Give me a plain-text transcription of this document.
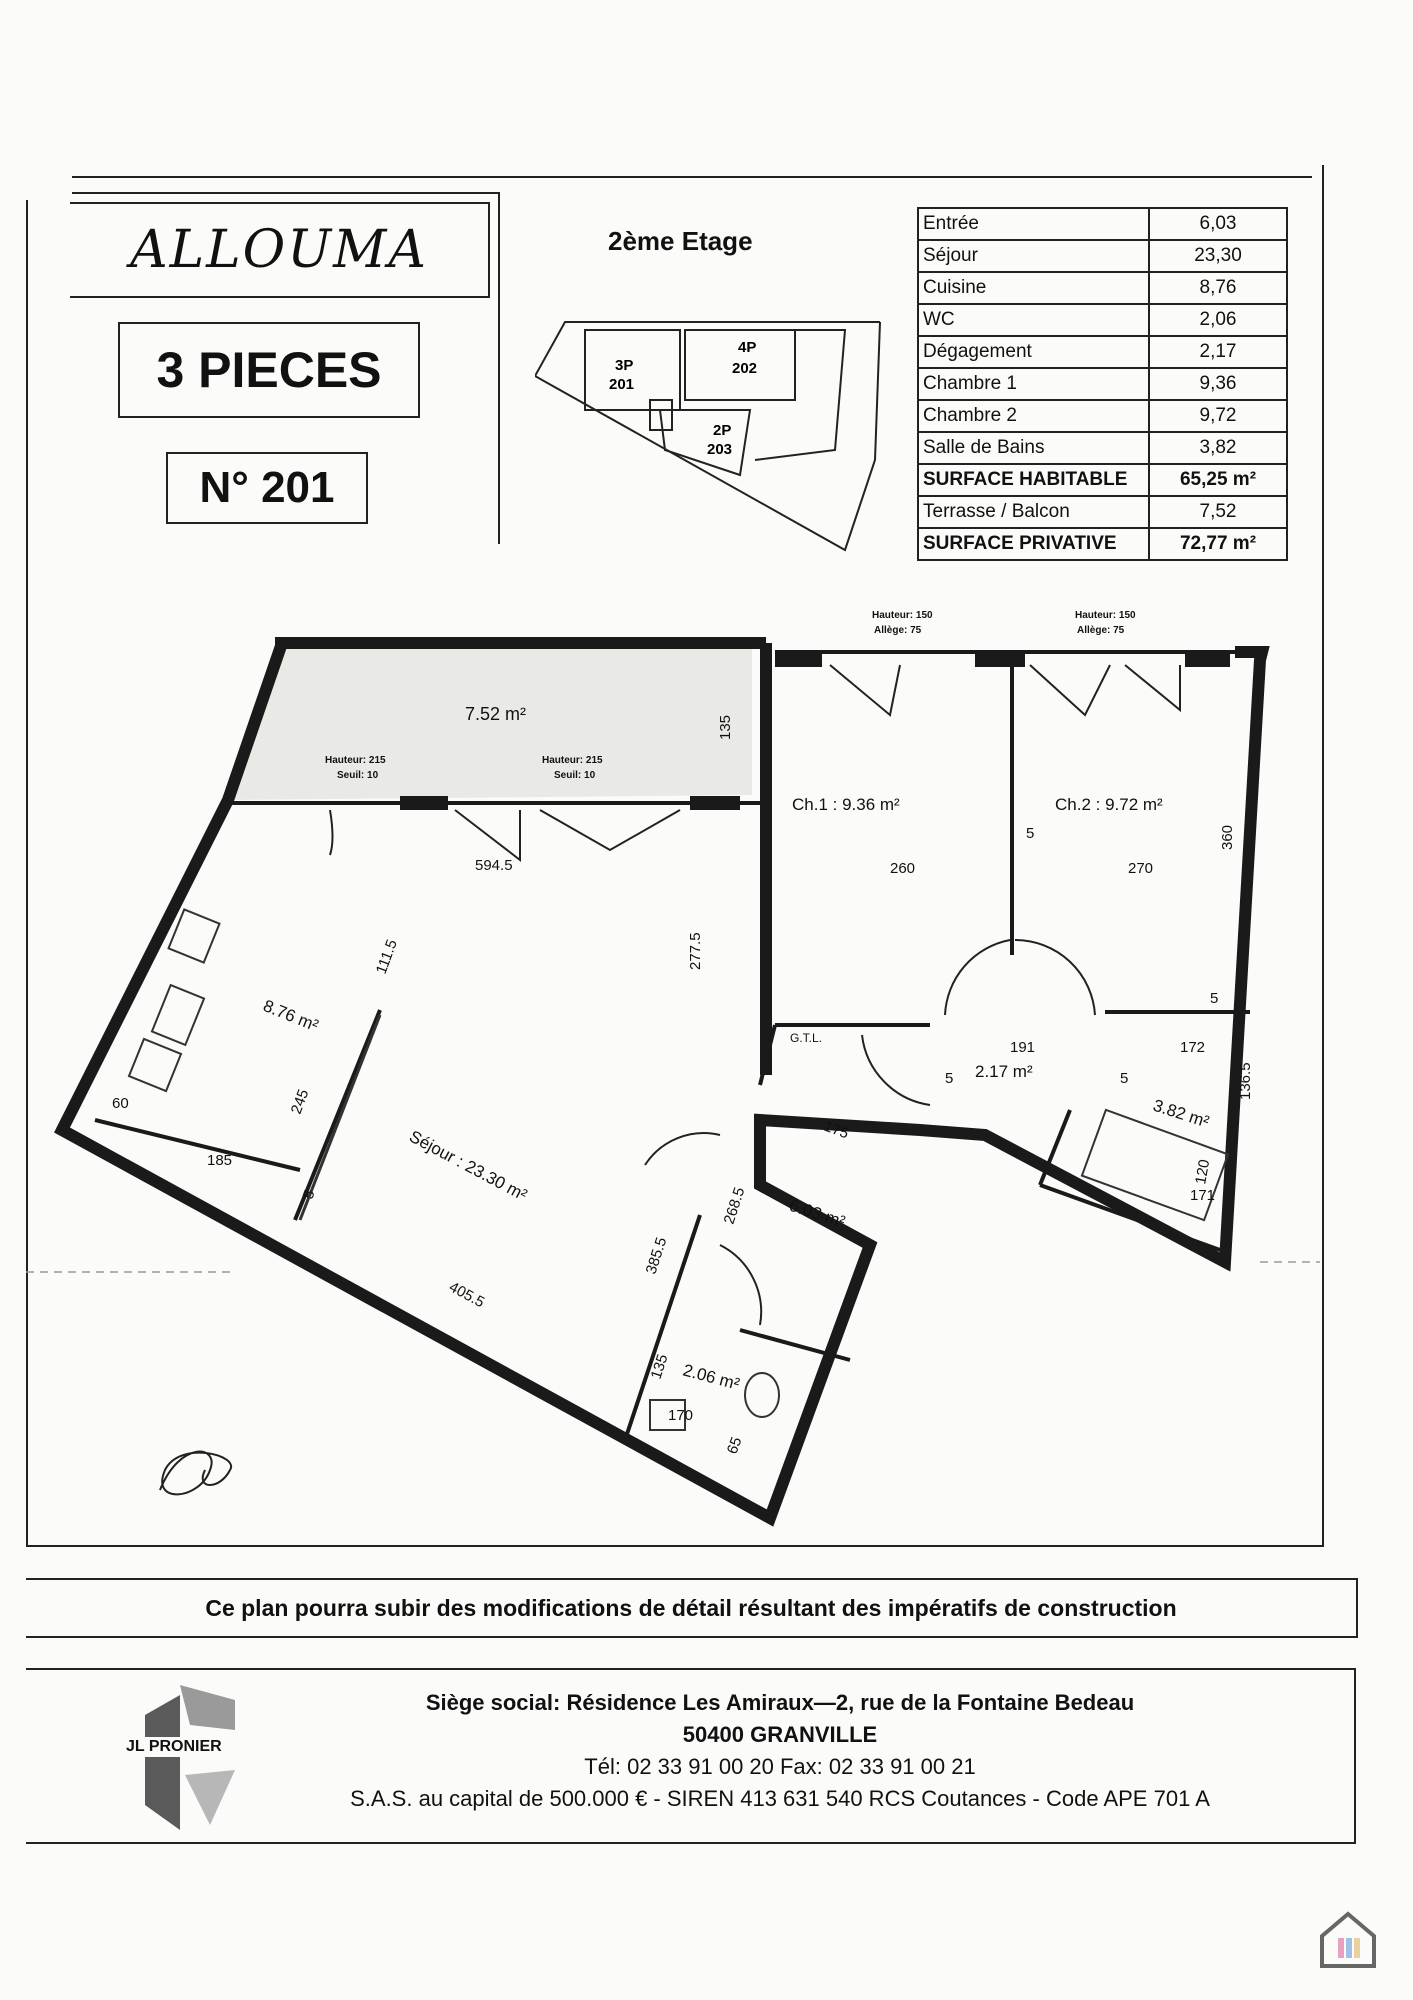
ALLOUMA
3 PIECES
N° 201
2ème Etage
3P
201
4P
202
2P
203
Entrée	6,03
Séjour	23,30
Cuisine	8,76
WC	2,06
Dégagement	2,17
Chambre 1	9,36
Chambre 2	9,72
Salle de Bains	3,82
SURFACE HABITABLE	65,25 m²
Terrasse / Balcon	7,52
SURFACE PRIVATIVE	72,77 m²
7.52 m²
Hauteur: 215
Seuil: 10
Hauteur: 215
Seuil: 10
Hauteur: 150
Allège: 75
Hauteur: 150
Allège: 75
Ch.1 : 9.36 m²	Ch.2 : 9.72 m²
Séjour : 23.30 m²
8.76 m²
6.03 m²
2.06 m²
2.17 m²
3.82 m²
G.T.L.
135
594.5
277.5
111.5
245
185
60
5
405.5
385.5
268.5
175
135
170
65
260	270
360
5
5
191	172
5	5	136.5
171
120
Ce plan pourra subir des modifications de détail résultant des impératifs de construction
JL PRONIER
Siège social: Résidence Les Amiraux—2, rue de la Fontaine Bedeau
50400 GRANVILLE
Tél: 02 33 91 00 20 Fax: 02 33 91 00 21
S.A.S. au capital de 500.000 € - SIREN 413 631 540 RCS Coutances - Code APE 701 A
